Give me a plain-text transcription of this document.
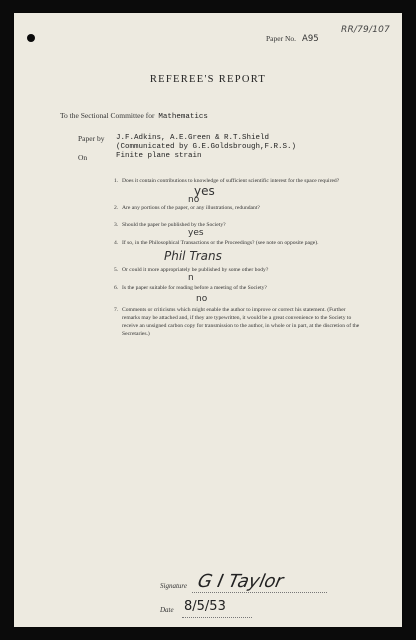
RR/79/107
Paper No. A95
REFEREE'S REPORT
To the Sectional Committee for Mathematics
Paper by J.F.Adkins, A.E.Green & R.T.Shield
(Communicated by G.E.Goldsbrough,F.R.S.)
On	Finite plane strain
1. Does it contain contributions to knowledge of sufficient scientific interest for the space required?
yes
2. Are any portions of the paper, or any illustrations, redundant?
no
3. Should the paper be published by the Society?
yes
4. If so, in the Philosophical Transactions or the Proceedings? (see note on opposite page).
Phil Trans
5. Or could it more appropriately be published by some other body?
n
6. Is the paper suitable for reading before a meeting of the Society?
no
7. Comments or criticisms which might enable the author to improve or correct his statement. (Further remarks may be attached and, if they are typewritten, it would be a great convenience to the Society to receive an unsigned carbon copy for transmission to the author, in whole or in part, at the discretion of the Secretaries.)
Signature G I Taylor
Date 8/5/53
